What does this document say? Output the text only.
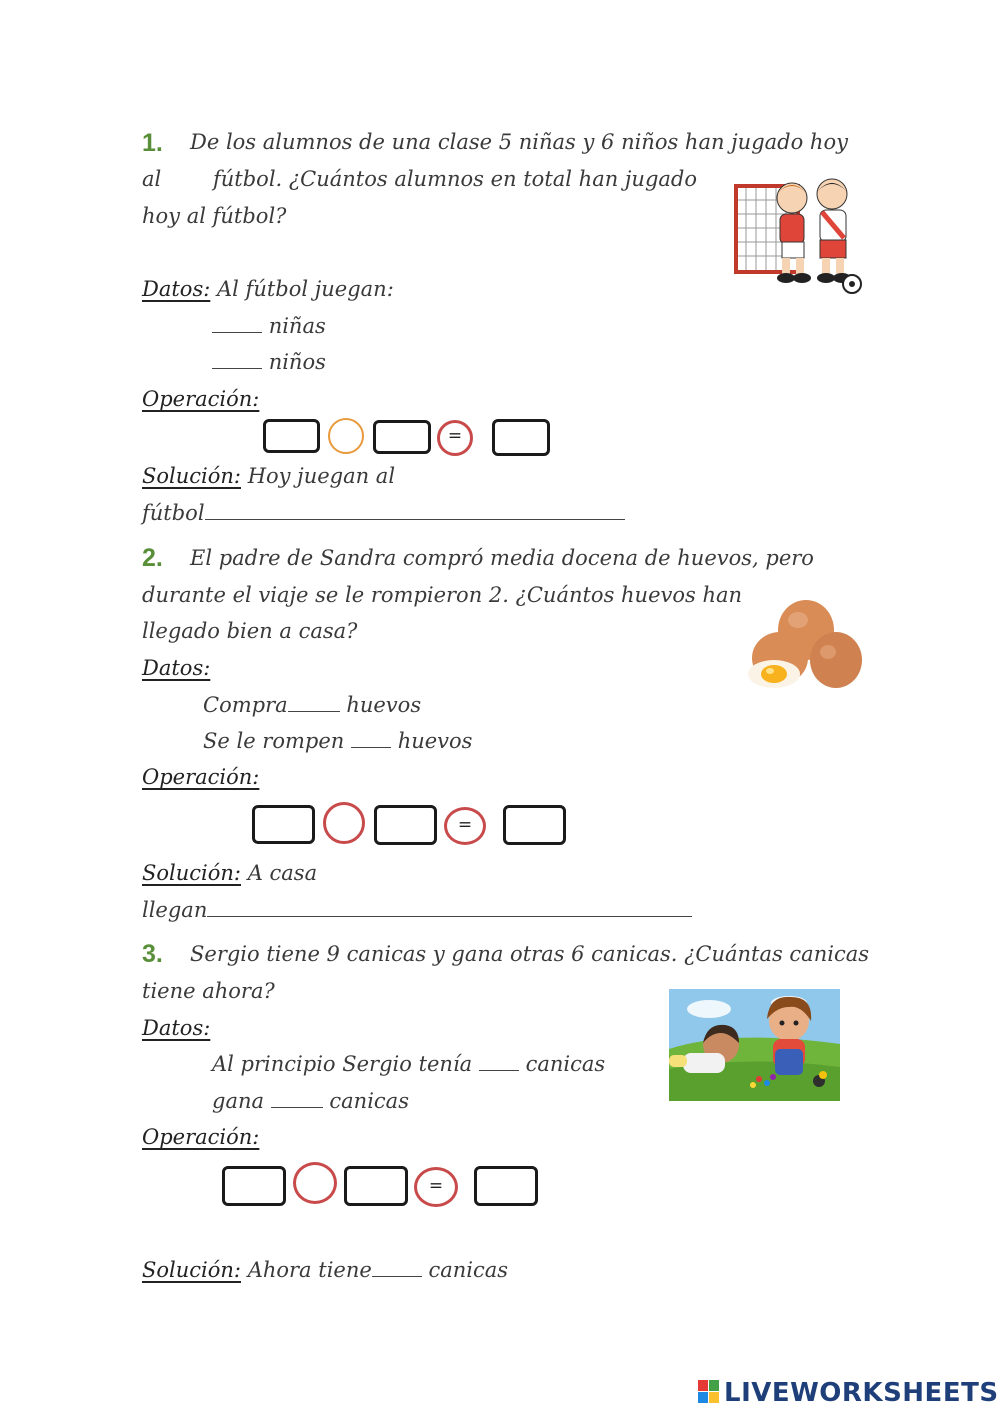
1. De los alumnos de una clase 5 niñas y 6 niños han jugado hoy
al fútbol. ¿Cuántos alumnos en total han jugado
hoy al fútbol?
Datos: Al fútbol juegan:
niñas
niños
Operación:
=
Solución: Hoy juegan al
fútbol
2. El padre de Sandra compró media docena de huevos, pero
durante el viaje se le rompieron 2. ¿Cuántos huevos han
llegado bien a casa?
Datos:
Compra	huevos
Se le rompen	huevos
Operación:
=
Solución: A casa
llegan
3. Sergio tiene 9 canicas y gana otras 6 canicas. ¿Cuántas canicas
tiene ahora?
Datos:
Al principio Sergio tenía	canicas
gana	canicas
Operación:
=
Solución: Ahora tiene	canicas
LIVEWORKSHEETS
